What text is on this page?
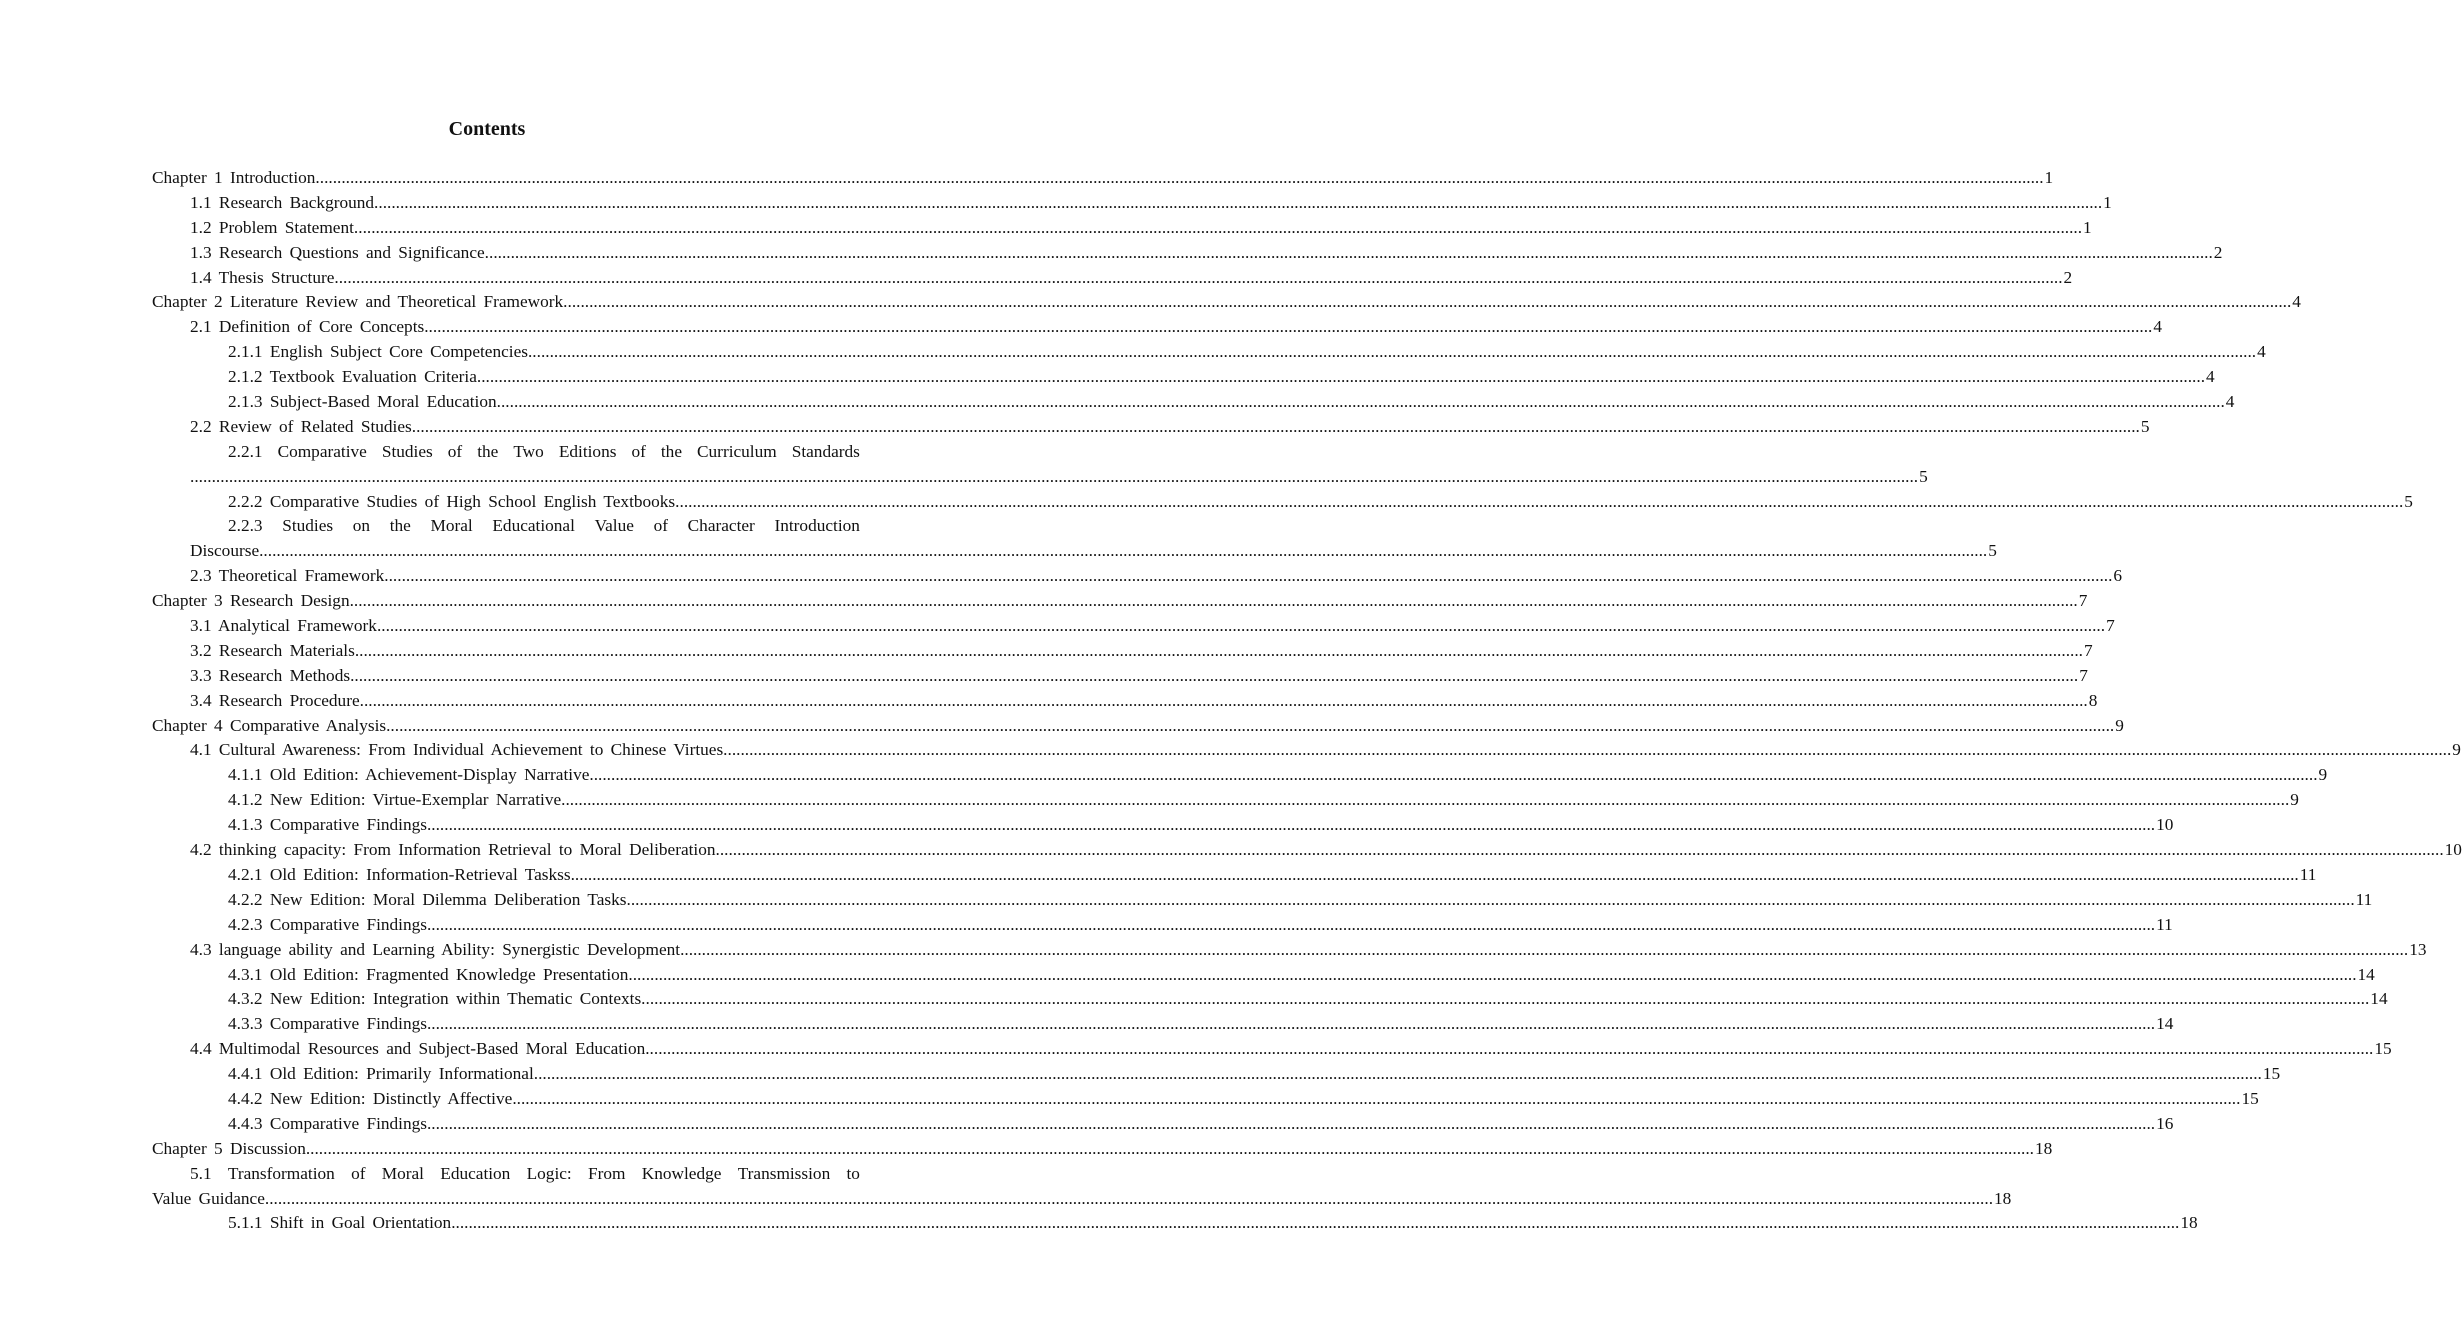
Contents
Chapter 1 Introduction ................................................................................................................................................................................................................................................................................................................................................................................................................ 1
1.1 Research Background ................................................................................................................................................................................................................................................................................................................................................................................................................ 1
1.2 Problem Statement ................................................................................................................................................................................................................................................................................................................................................................................................................ 1
1.3 Research Questions and Significance ................................................................................................................................................................................................................................................................................................................................................................................................................ 2
1.4 Thesis Structure ................................................................................................................................................................................................................................................................................................................................................................................................................ 2
Chapter 2 Literature Review and Theoretical Framework ................................................................................................................................................................................................................................................................................................................................................................................................................ 4
2.1 Definition of Core Concepts ................................................................................................................................................................................................................................................................................................................................................................................................................ 4
2.1.1 English Subject Core Competencies ................................................................................................................................................................................................................................................................................................................................................................................................................ 4
2.1.2 Textbook Evaluation Criteria ................................................................................................................................................................................................................................................................................................................................................................................................................ 4
2.1.3 Subject-Based Moral Education ................................................................................................................................................................................................................................................................................................................................................................................................................ 4
2.2 Review of Related Studies ................................................................................................................................................................................................................................................................................................................................................................................................................ 5
2.2.1 Comparative Studies of the Two Editions of the Curriculum Standards
................................................................................................................................................................................................................................................................................................................................................................................................................ 5
2.2.2 Comparative Studies of High School English Textbooks ................................................................................................................................................................................................................................................................................................................................................................................................................ 5
2.2.3 Studies on the Moral Educational Value of Character Introduction
Discourse ................................................................................................................................................................................................................................................................................................................................................................................................................ 5
2.3 Theoretical Framework ................................................................................................................................................................................................................................................................................................................................................................................................................ 6
Chapter 3 Research Design ................................................................................................................................................................................................................................................................................................................................................................................................................ 7
3.1 Analytical Framework ................................................................................................................................................................................................................................................................................................................................................................................................................ 7
3.2 Research Materials ................................................................................................................................................................................................................................................................................................................................................................................................................ 7
3.3 Research Methods ................................................................................................................................................................................................................................................................................................................................................................................................................ 7
3.4 Research Procedure ................................................................................................................................................................................................................................................................................................................................................................................................................ 8
Chapter 4 Comparative Analysis ................................................................................................................................................................................................................................................................................................................................................................................................................ 9
4.1 Cultural Awareness: From Individual Achievement to Chinese Virtues ................................................................................................................................................................................................................................................................................................................................................................................................................ 9
4.1.1 Old Edition: Achievement-Display Narrative ................................................................................................................................................................................................................................................................................................................................................................................................................ 9
4.1.2 New Edition: Virtue-Exemplar Narrative ................................................................................................................................................................................................................................................................................................................................................................................................................ 9
4.1.3 Comparative Findings ................................................................................................................................................................................................................................................................................................................................................................................................................ 10
4.2 thinking capacity: From Information Retrieval to Moral Deliberation ................................................................................................................................................................................................................................................................................................................................................................................................................ 10
4.2.1 Old Edition: Information-Retrieval Taskss ................................................................................................................................................................................................................................................................................................................................................................................................................ 11
4.2.2 New Edition: Moral Dilemma Deliberation Tasks ................................................................................................................................................................................................................................................................................................................................................................................................................ 11
4.2.3 Comparative Findings ................................................................................................................................................................................................................................................................................................................................................................................................................ 11
4.3 language ability and Learning Ability: Synergistic Development ................................................................................................................................................................................................................................................................................................................................................................................................................ 13
4.3.1 Old Edition: Fragmented Knowledge Presentation ................................................................................................................................................................................................................................................................................................................................................................................................................ 14
4.3.2 New Edition: Integration within Thematic Contexts ................................................................................................................................................................................................................................................................................................................................................................................................................ 14
4.3.3 Comparative Findings ................................................................................................................................................................................................................................................................................................................................................................................................................ 14
4.4 Multimodal Resources and Subject-Based Moral Education ................................................................................................................................................................................................................................................................................................................................................................................................................ 15
4.4.1 Old Edition: Primarily Informational ................................................................................................................................................................................................................................................................................................................................................................................................................ 15
4.4.2 New Edition: Distinctly Affective ................................................................................................................................................................................................................................................................................................................................................................................................................ 15
4.4.3 Comparative Findings ................................................................................................................................................................................................................................................................................................................................................................................................................ 16
Chapter 5 Discussion ................................................................................................................................................................................................................................................................................................................................................................................................................ 18
5.1 Transformation of Moral Education Logic: From Knowledge Transmission to
Value Guidance ................................................................................................................................................................................................................................................................................................................................................................................................................ 18
5.1.1 Shift in Goal Orientation ................................................................................................................................................................................................................................................................................................................................................................................................................ 18
